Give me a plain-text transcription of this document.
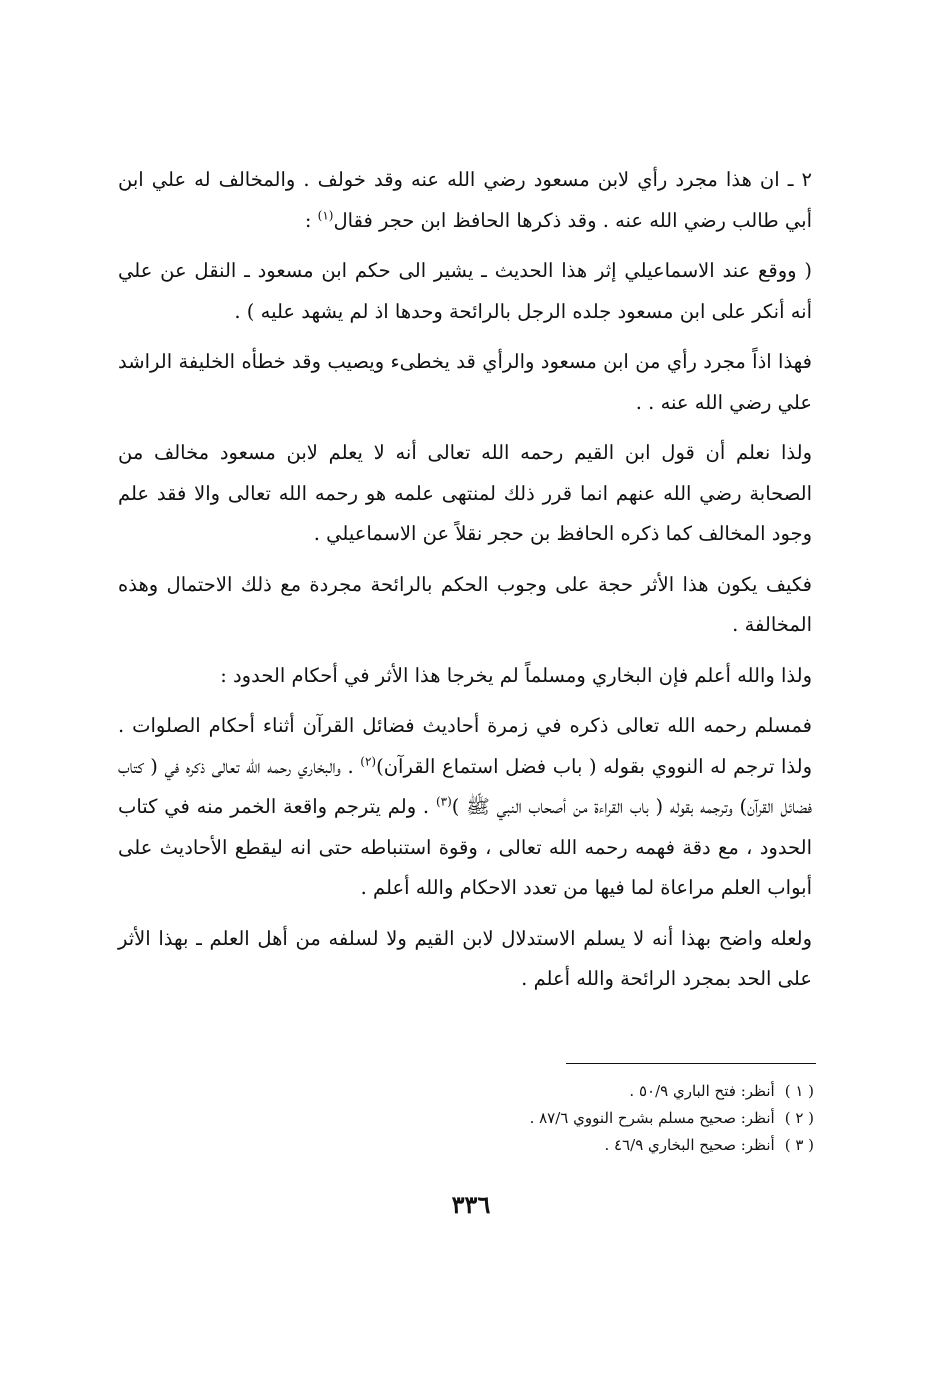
٢ ـ ان هذا مجرد رأي لابن مسعود رضي الله عنه وقد خولف . والمخالف له علي ابن أبي طالب رضي الله عنه . وقد ذكرها الحافظ ابن حجر فقال$^{(١)}$ :

( ووقع عند الاسماعيلي إثر هذا الحديث ـ يشير الى حكم ابن مسعود ـ النقل عن علي أنه أنكر على ابن مسعود جلده الرجل بالرائحة وحدها اذ لم يشهد عليه ) .

فهذا اذاً مجرد رأي من ابن مسعود والرأي قد يخطىء ويصيب وقد خطأه الخليفة الراشد علي رضي الله عنه . .

ولذا نعلم أن قول ابن القيم رحمه الله تعالى أنه لا يعلم لابن مسعود مخالف من الصحابة رضي الله عنهم انما قرر ذلك لمنتهى علمه هو رحمه الله تعالى والا فقد علم وجود المخالف كما ذكره الحافظ بن حجر نقلاً عن الاسماعيلي .

فكيف يكون هذا الأثر حجة على وجوب الحكم بالرائحة مجردة مع ذلك الاحتمال وهذه المخالفة .

ولذا والله أعلم فإن البخاري ومسلماً لم يخرجا هذا الأثر في أحكام الحدود :

فمسلم رحمه الله تعالى ذكره في زمرة أحاديث فضائل القرآن أثناء أحكام الصلوات . ولذا ترجم له النووي بقوله ( باب فضل استماع القرآن)$^{(٢)}$ . والبخاري رحمه الله تعالى ذكره في ( كتاب فضائل القرآن) وترجمه بقوله ( باب القراءة من أصحاب النبي ﷺ )$^{(٣)}$ . ولم يترجم واقعة الخمر منه في كتاب الحدود ، مع دقة فهمه رحمه الله تعالى ، وقوة استنباطه حتى انه ليقطع الأحاديث على أبواب العلم مراعاة لما فيها من تعدد الاحكام والله أعلم .

ولعله واضح بهذا أنه لا يسلم الاستدلال لابن القيم ولا لسلفه من أهل العلم ـ بهذا الأثر على الحد بمجرد الرائحة والله أعلم .

( ١ )أنظر: فتح الباري ٥٠/٩ .
( ٢ )أنظر: صحيح مسلم بشرح النووي ٨٧/٦ .
( ٣ )أنظر: صحيح البخاري ٤٦/٩ .
٣٣٦
